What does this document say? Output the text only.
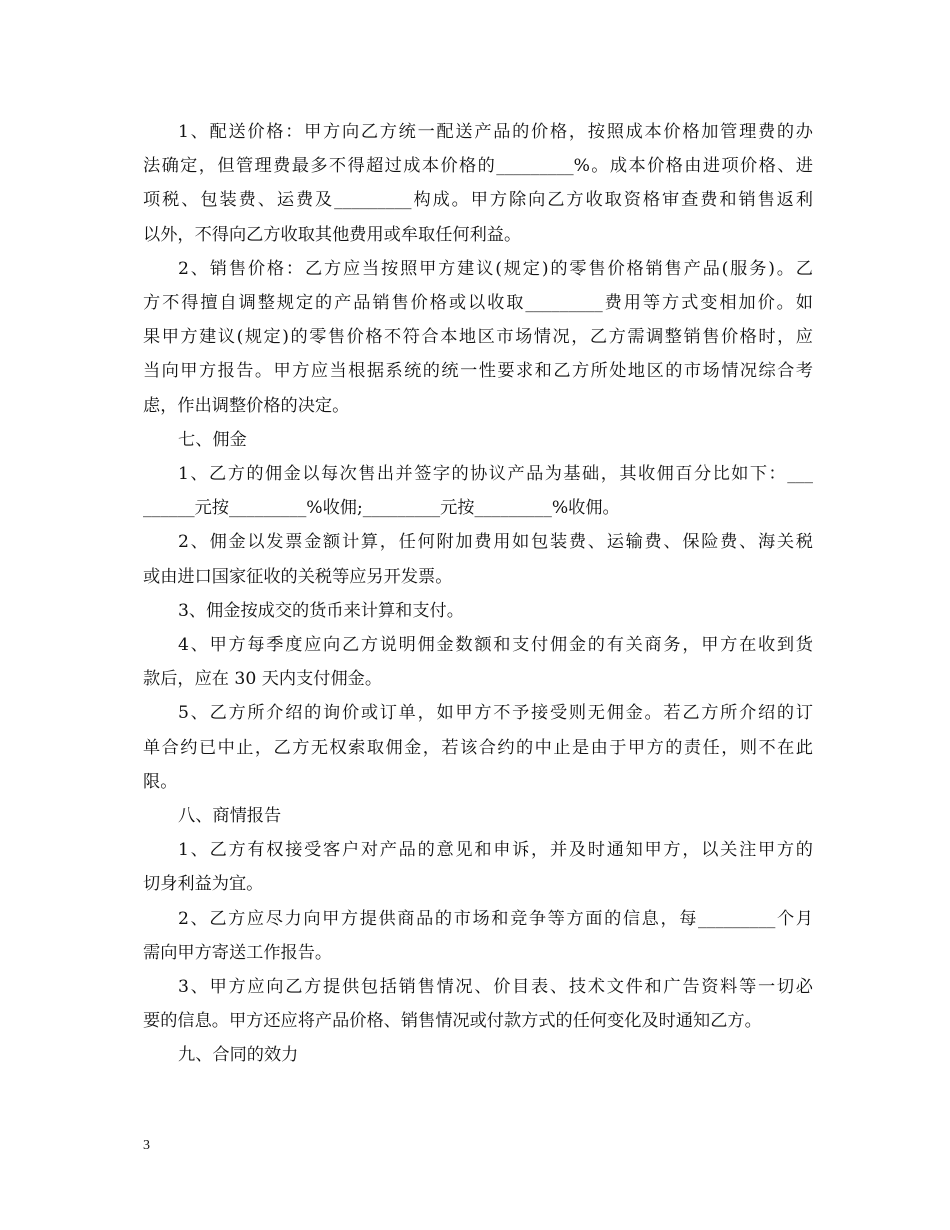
1、配送价格：甲方向乙方统一配送产品的价格，按照成本价格加管理费的办
法确定，但管理费最多不得超过成本价格的_________%。成本价格由进项价格、进
项税、包装费、运费及_________构成。甲方除向乙方收取资格审查费和销售返利
以外，不得向乙方收取其他费用或牟取任何利益。
2、销售价格：乙方应当按照甲方建议(规定)的零售价格销售产品(服务)。乙
方不得擅自调整规定的产品销售价格或以收取_________费用等方式变相加价。如
果甲方建议(规定)的零售价格不符合本地区市场情况，乙方需调整销售价格时，应
当向甲方报告。甲方应当根据系统的统一性要求和乙方所处地区的市场情况综合考
虑，作出调整价格的决定。
七、佣金
1、乙方的佣金以每次售出并签字的协议产品为基础，其收佣百分比如下：___
______元按_________%收佣;_________元按_________%收佣。
2、佣金以发票金额计算，任何附加费用如包装费、运输费、保险费、海关税
或由进口国家征收的关税等应另开发票。
3、佣金按成交的货币来计算和支付。
4、甲方每季度应向乙方说明佣金数额和支付佣金的有关商务，甲方在收到货
款后，应在 30 天内支付佣金。
5、乙方所介绍的询价或订单，如甲方不予接受则无佣金。若乙方所介绍的订
单合约已中止，乙方无权索取佣金，若该合约的中止是由于甲方的责任，则不在此
限。
八、商情报告
1、乙方有权接受客户对产品的意见和申诉，并及时通知甲方，以关注甲方的
切身利益为宜。
2、乙方应尽力向甲方提供商品的市场和竞争等方面的信息，每_________个月
需向甲方寄送工作报告。
3、甲方应向乙方提供包括销售情况、价目表、技术文件和广告资料等一切必
要的信息。甲方还应将产品价格、销售情况或付款方式的任何变化及时通知乙方。
九、合同的效力
3
